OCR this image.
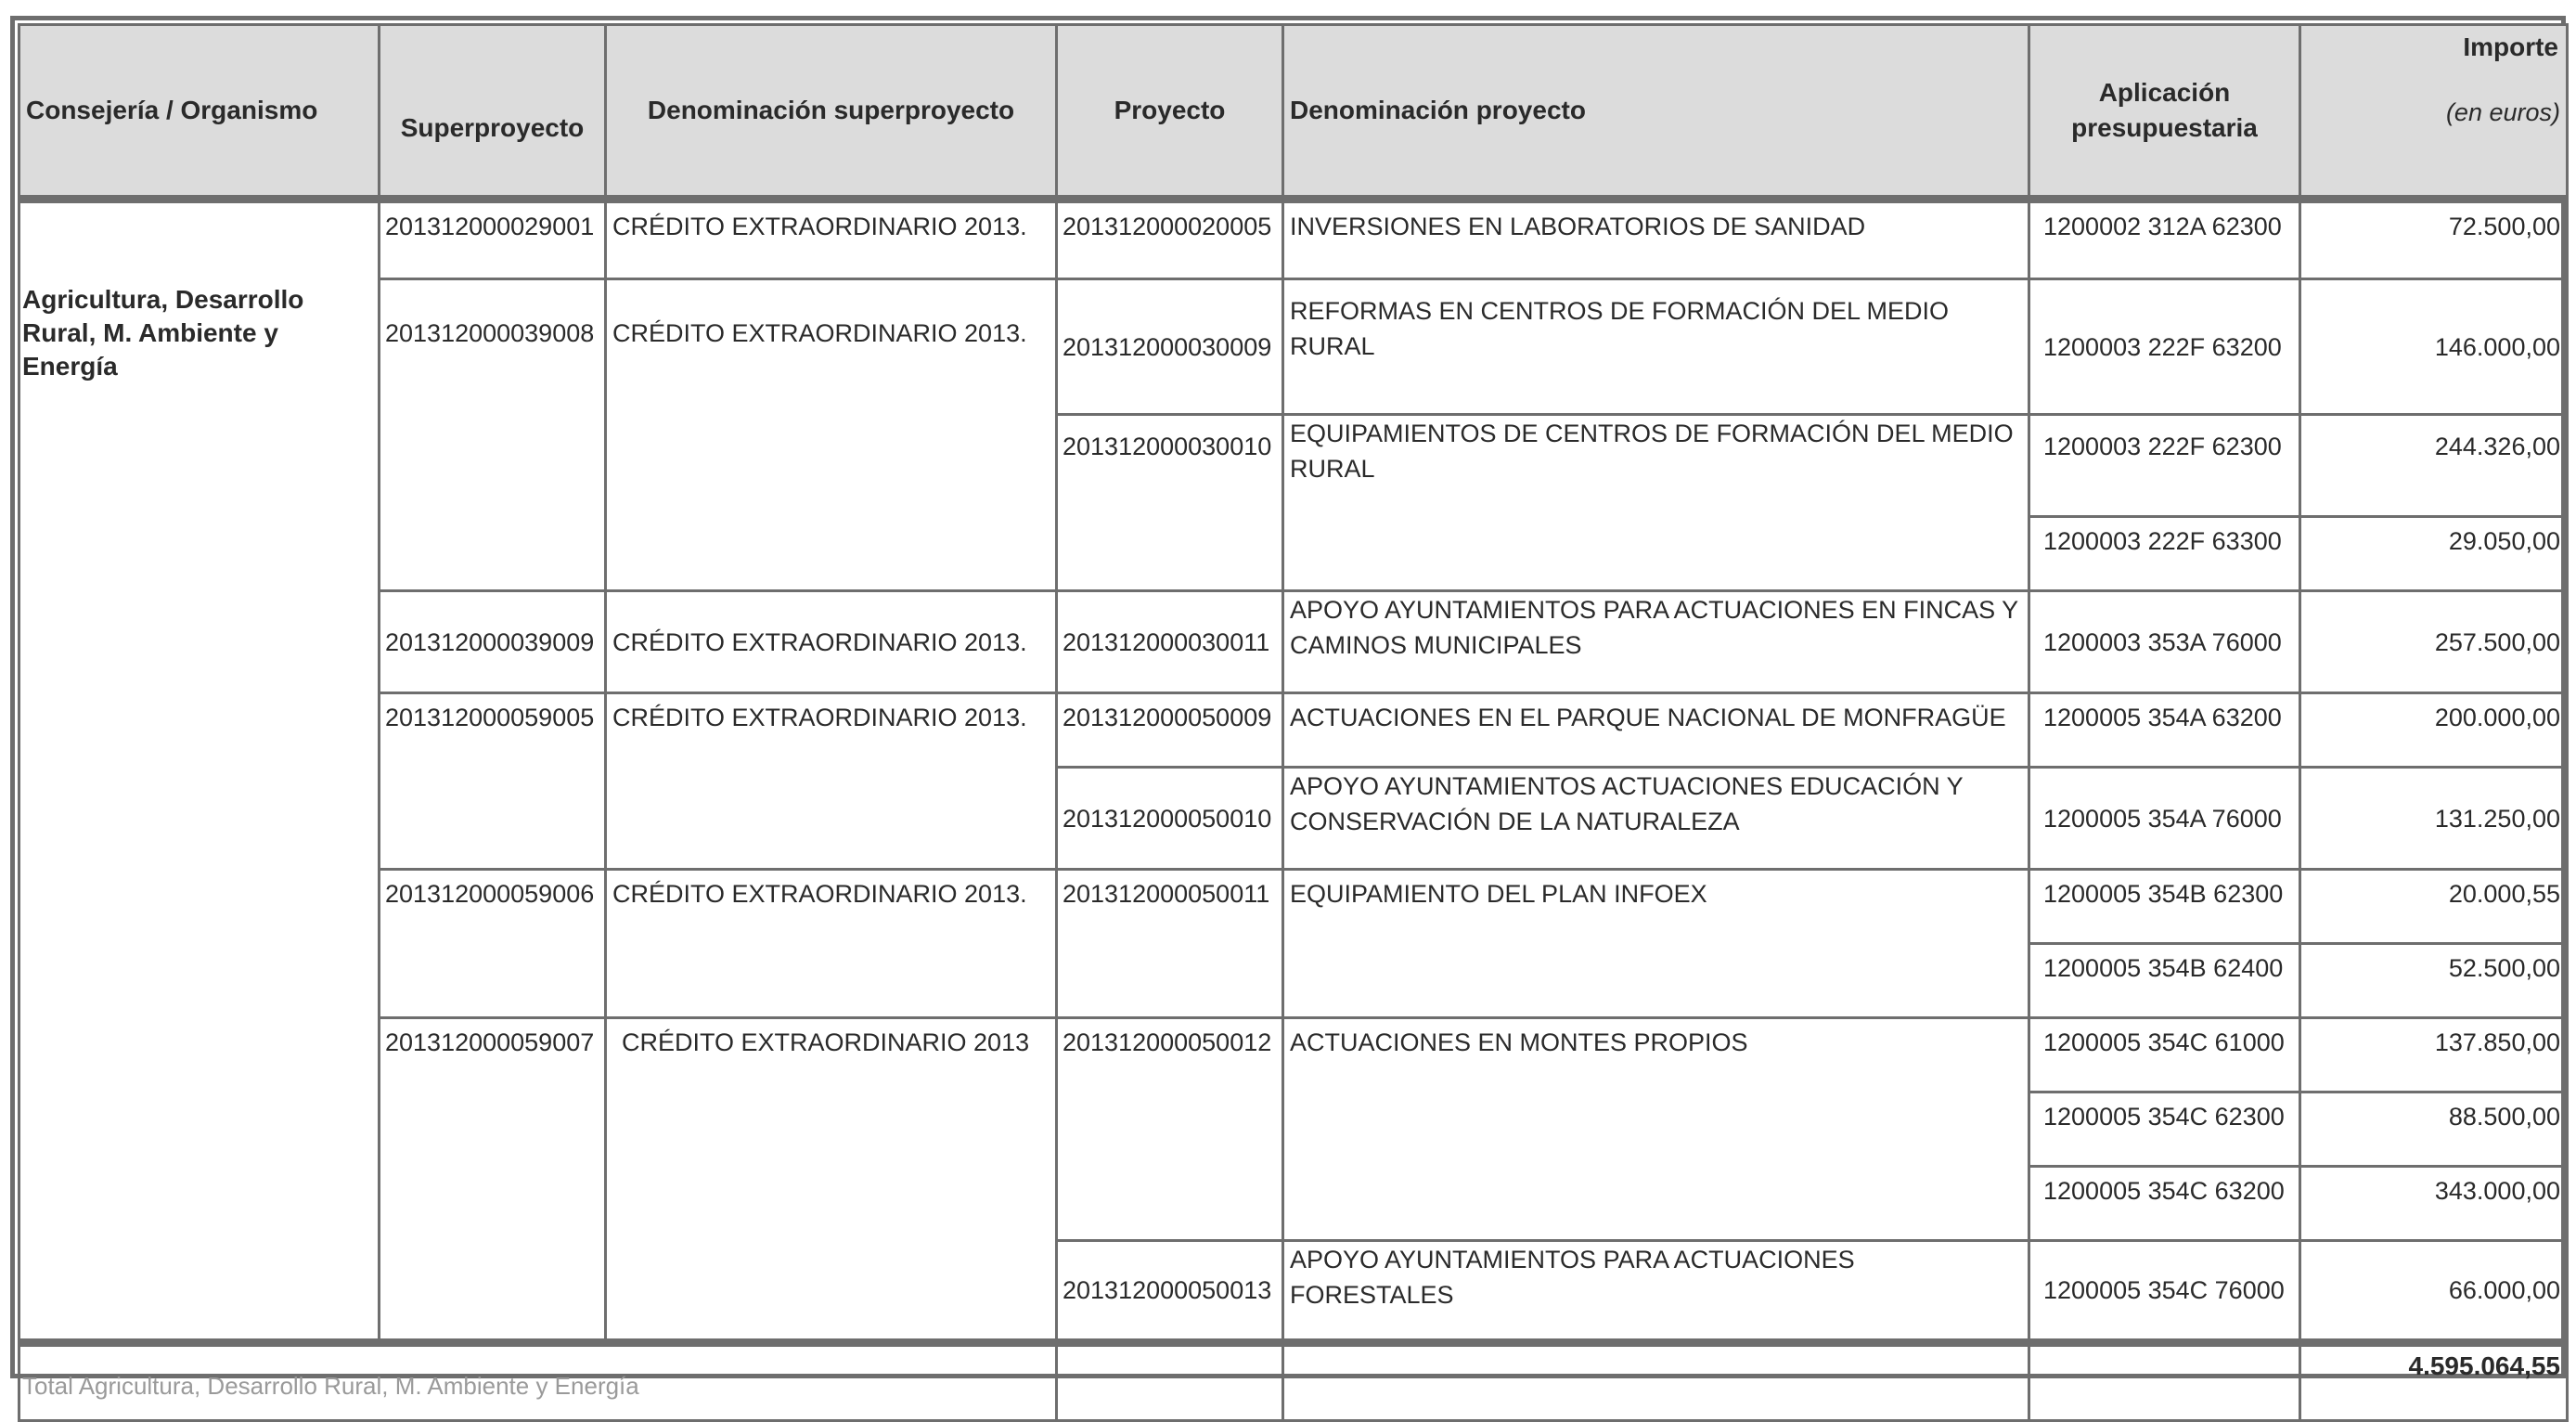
Consejería / Organismo	Superproyecto	Denominación superproyecto	Proyecto	Denominación proyecto	Aplicación presupuestaria	Importe
(en euros)

Agricultura, Desarrollo Rural, M. Ambiente y Energía	201312000029001	CRÉDITO EXTRAORDINARIO 2013.	201312000020005	INVERSIONES EN LABORATORIOS DE SANIDAD	1200002 312A 62300	72.500,00
	201312000039008	CRÉDITO EXTRAORDINARIO 2013.	201312000030009	REFORMAS EN CENTROS DE FORMACIÓN DEL MEDIO RURAL	1200003 222F 63200	146.000,00
			201312000030010	EQUIPAMIENTOS DE CENTROS DE FORMACIÓN DEL MEDIO RURAL	1200003 222F 62300	244.326,00
					1200003 222F 63300	29.050,00
	201312000039009	CRÉDITO EXTRAORDINARIO 2013.	201312000030011	APOYO AYUNTAMIENTOS PARA ACTUACIONES EN FINCAS Y CAMINOS MUNICIPALES	1200003 353A 76000	257.500,00
	201312000059005	CRÉDITO EXTRAORDINARIO 2013.	201312000050009	ACTUACIONES EN EL PARQUE NACIONAL DE MONFRAGÜE	1200005 354A 63200	200.000,00
			201312000050010	APOYO AYUNTAMIENTOS ACTUACIONES EDUCACIÓN Y CONSERVACIÓN DE LA NATURALEZA	1200005 354A 76000	131.250,00
	201312000059006	CRÉDITO EXTRAORDINARIO 2013.	201312000050011	EQUIPAMIENTO DEL PLAN INFOEX	1200005 354B 62300	20.000,55
					1200005 354B 62400	52.500,00
	201312000059007	CRÉDITO EXTRAORDINARIO 2013	201312000050012	ACTUACIONES EN MONTES PROPIOS	1200005 354C 61000	137.850,00
					1200005 354C 62300	88.500,00
					1200005 354C 63200	343.000,00
			201312000050013	APOYO AYUNTAMIENTOS PARA ACTUACIONES FORESTALES	1200005 354C 76000	66.000,00
Total Agricultura, Desarrollo Rural, M. Ambiente y Energía						4.595.064,55
